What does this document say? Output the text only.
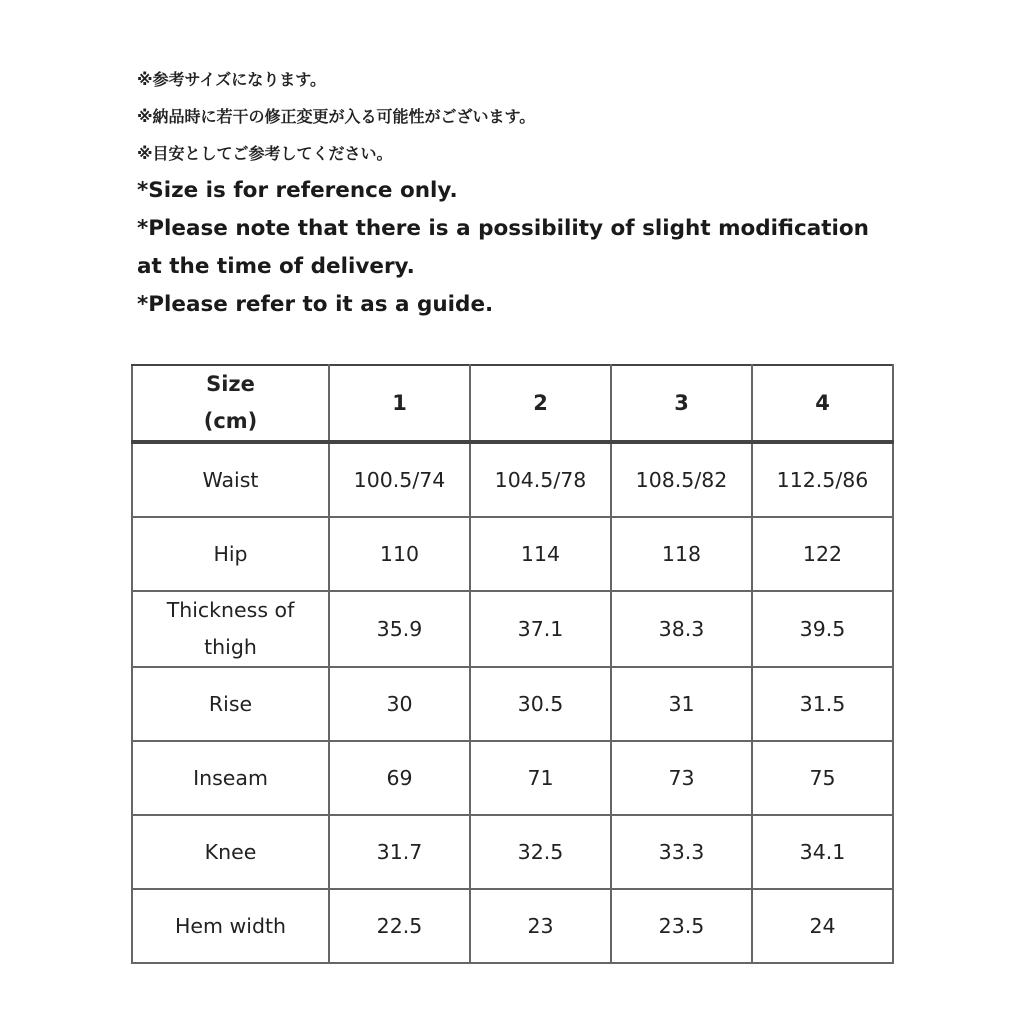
※参考サイズになります。
※納品時に若干の修正変更が入る可能性がございます。
※目安としてご参考してください。
*Size is for reference only.
*Please note that there is a possibility of slight modification
at the time of delivery.
*Please refer to it as a guide.
Size
(cm)	1	2	3	4
Waist	100.5/74	104.5/78	108.5/82	112.5/86
Hip	110	114	118	122

Thickness of
thigh	35.9	37.1	38.3	39.5
Rise	30	30.5	31	31.5
Inseam	69	71	73	75
Knee	31.7	32.5	33.3	34.1
Hem width	22.5	23	23.5	24
